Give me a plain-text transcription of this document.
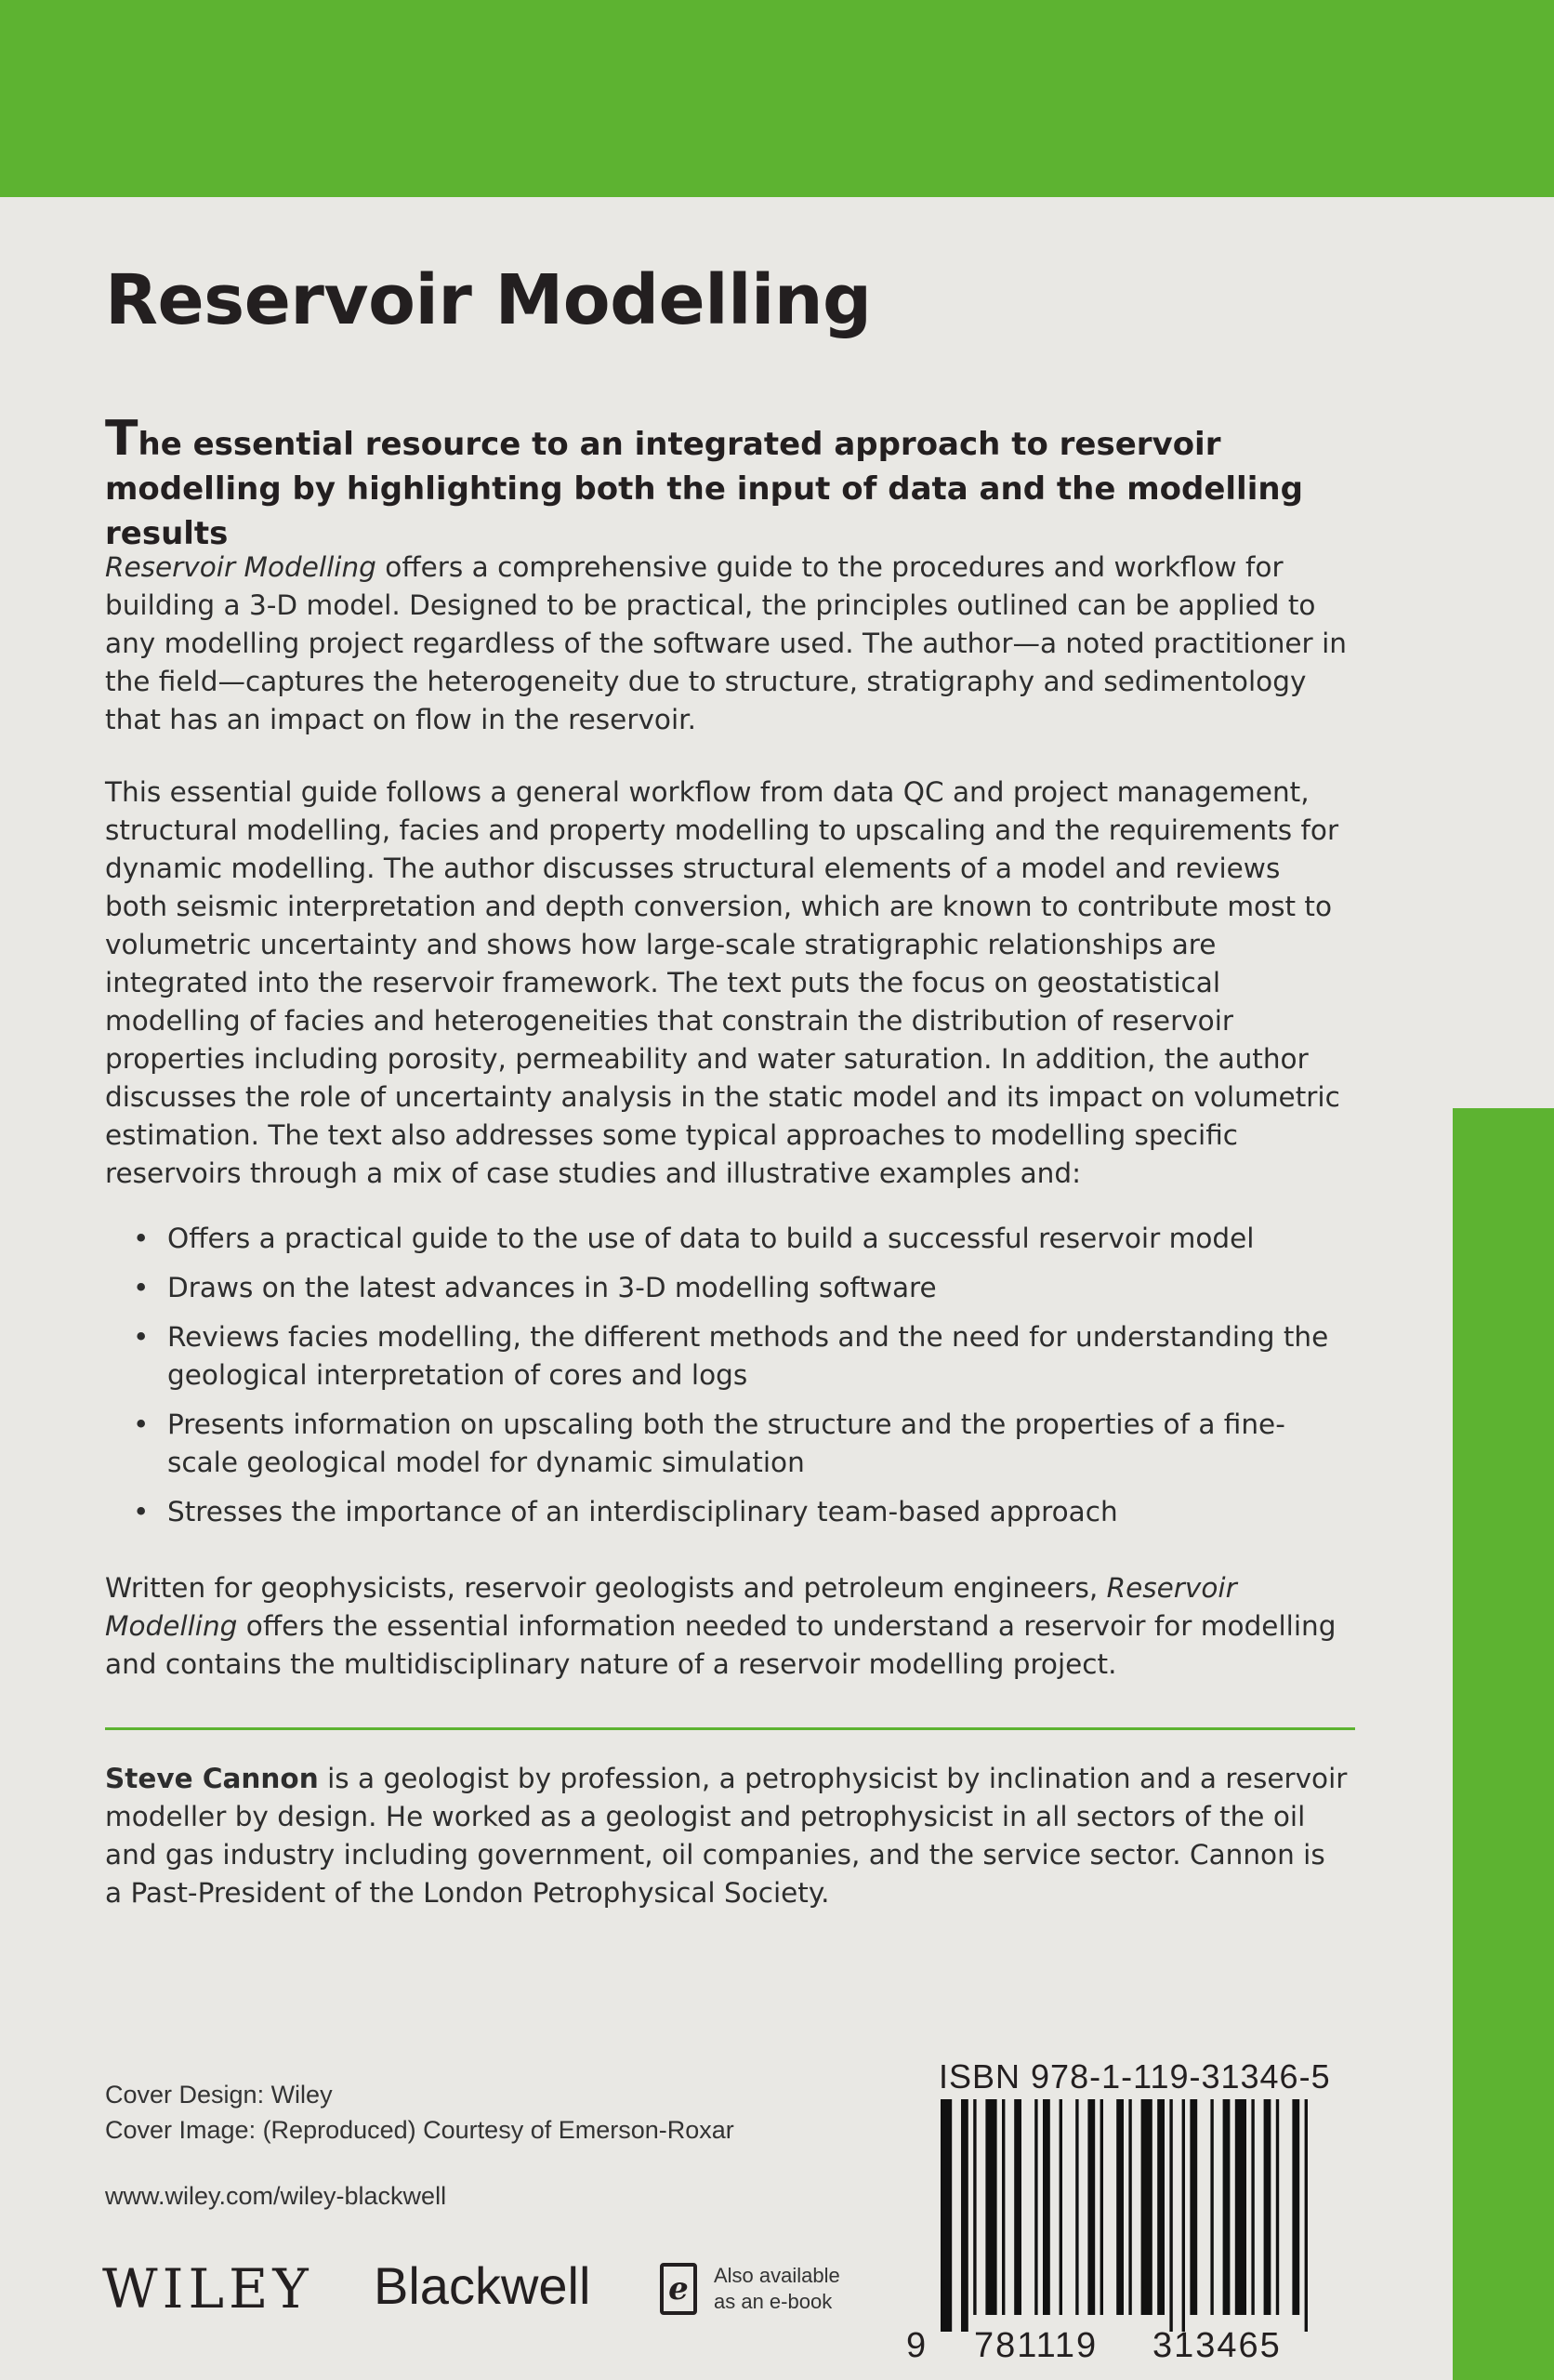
Reservoir Modelling

The essential resource to an integrated approach to reservoir modelling by highlighting both the input of data and the modelling results

Reservoir Modelling offers a comprehensive guide to the procedures and workflow for building a 3-D model. Designed to be practical, the principles outlined can be applied to any modelling project regardless of the software used. The author—a noted practitioner in the field—captures the heterogeneity due to structure, stratigraphy and sedimentology that has an impact on flow in the reservoir.

This essential guide follows a general workflow from data QC and project management, structural modelling, facies and property modelling to upscaling and the requirements for dynamic modelling. The author discusses structural elements of a model and reviews both seismic interpretation and depth conversion, which are known to contribute most to volumetric uncertainty and shows how large-scale stratigraphic relationships are integrated into the reservoir framework. The text puts the focus on geostatistical modelling of facies and heterogeneities that constrain the distribution of reservoir properties including porosity, permeability and water saturation. In addition, the author discusses the role of uncertainty analysis in the static model and its impact on volumetric estimation. The text also addresses some typical approaches to modelling specific reservoirs through a mix of case studies and illustrative examples and:

• Offers a practical guide to the use of data to build a successful reservoir model
• Draws on the latest advances in 3-D modelling software
• Reviews facies modelling, the different methods and the need for understanding the geological interpretation of cores and logs
• Presents information on upscaling both the structure and the properties of a fine-scale geological model for dynamic simulation
• Stresses the importance of an interdisciplinary team-based approach

Written for geophysicists, reservoir geologists and petroleum engineers, Reservoir Modelling offers the essential information needed to understand a reservoir for modelling and contains the multidisciplinary nature of a reservoir modelling project.

Steve Cannon is a geologist by profession, a petrophysicist by inclination and a reservoir modeller by design. He worked as a geologist and petrophysicist in all sectors of the oil and gas industry including government, oil companies, and the service sector. Cannon is a Past-President of the London Petrophysical Society.

Cover Design: Wiley

Cover Image: (Reproduced) Courtesy of Emerson-Roxar

www.wiley.com/wiley-blackwell

WILEY Blackwell e	Also available
as an e-book
ISBN 978-1-119-31346-5
9 781119 313465
